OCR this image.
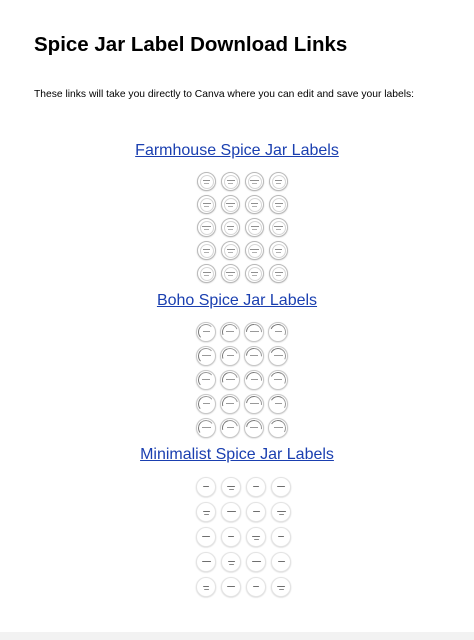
Spice Jar Label Download Links

These links will take you directly to Canva where you can edit and save your labels:

Farmhouse Spice Jar Labels
Boho Spice Jar Labels
Minimalist Spice Jar Labels
